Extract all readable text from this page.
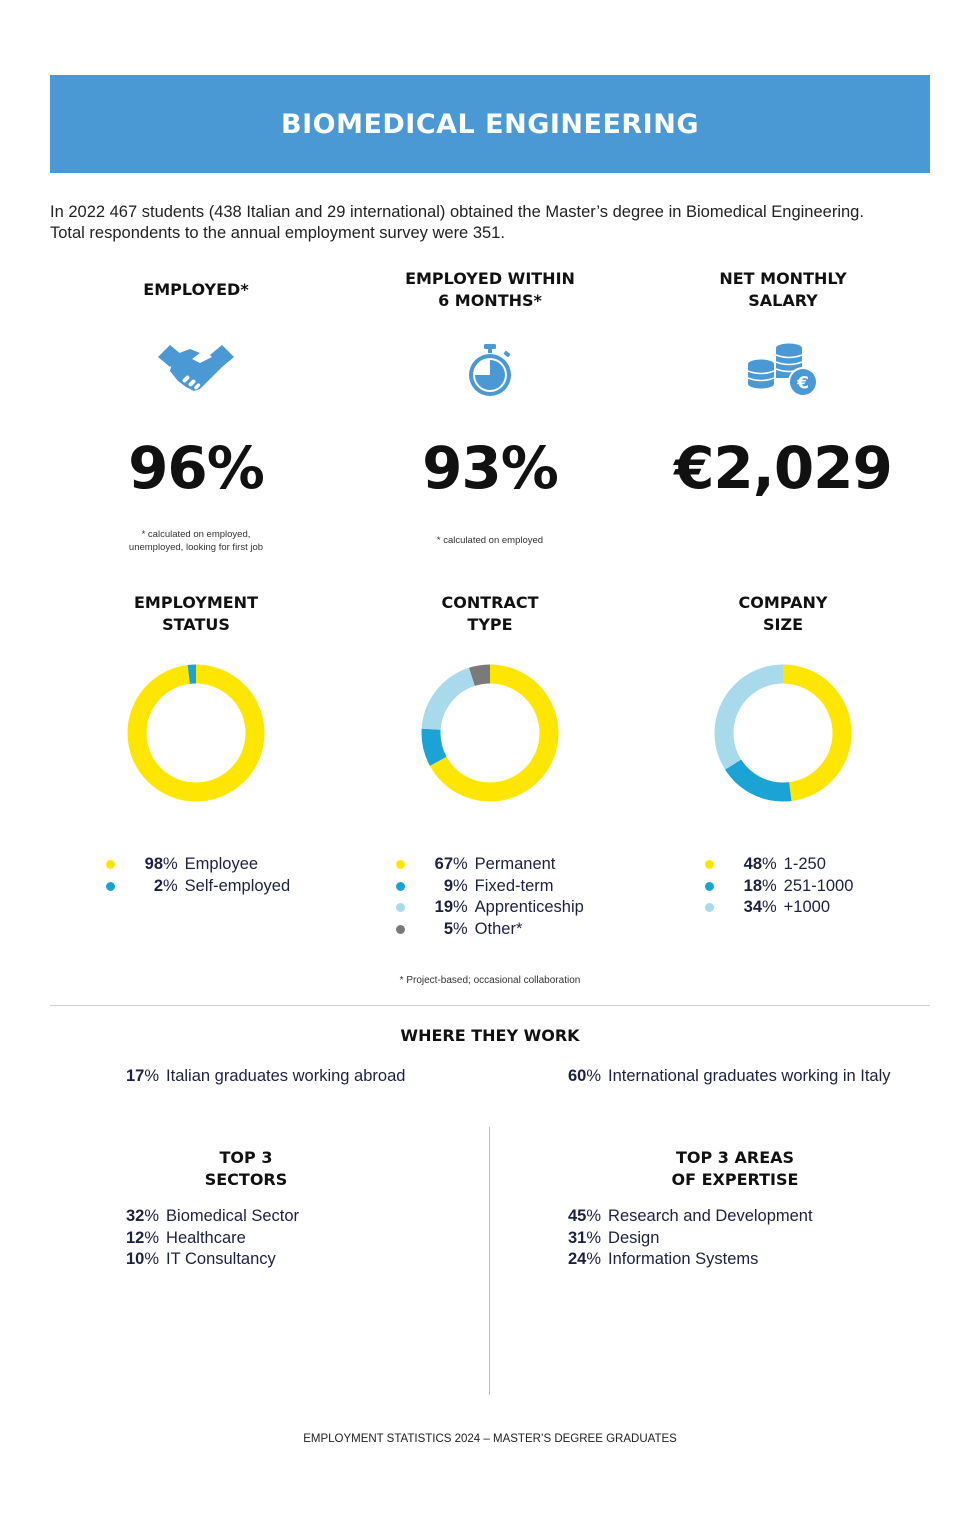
BIOMEDICAL ENGINEERING

In 2022 467 students (438 Italian and 29 international) obtained the Master’s degree in Biomedical Engineering.

Total respondents to the annual employment survey were 351.

EMPLOYED*
EMPLOYED WITHIN
6 MONTHS*
NET MONTHLY
SALARY
€
96%	93%	€2,029
* calculated on employed,
unemployed, looking for first job
* calculated on employed
EMPLOYMENT
STATUS
CONTRACT
TYPE
COMPANY
SIZE
98 % Employee
2 % Self-employed
67 % Permanent
9 % Fixed-term
19 % Apprenticeship
5 % Other*
48 % 1-250
18 % 251-1000
34 % +1000
* Project-based; occasional collaboration
WHERE THEY WORK
17% Italian graduates working abroad	60% International graduates working in Italy
TOP 3
SECTORS
TOP 3 AREAS
OF EXPERTISE
32 % Biomedical Sector
12 % Healthcare
10 % IT Consultancy
45 % Research and Development
31 % Design
24 % Information Systems
EMPLOYMENT STATISTICS 2024 – MASTER’S DEGREE GRADUATES
